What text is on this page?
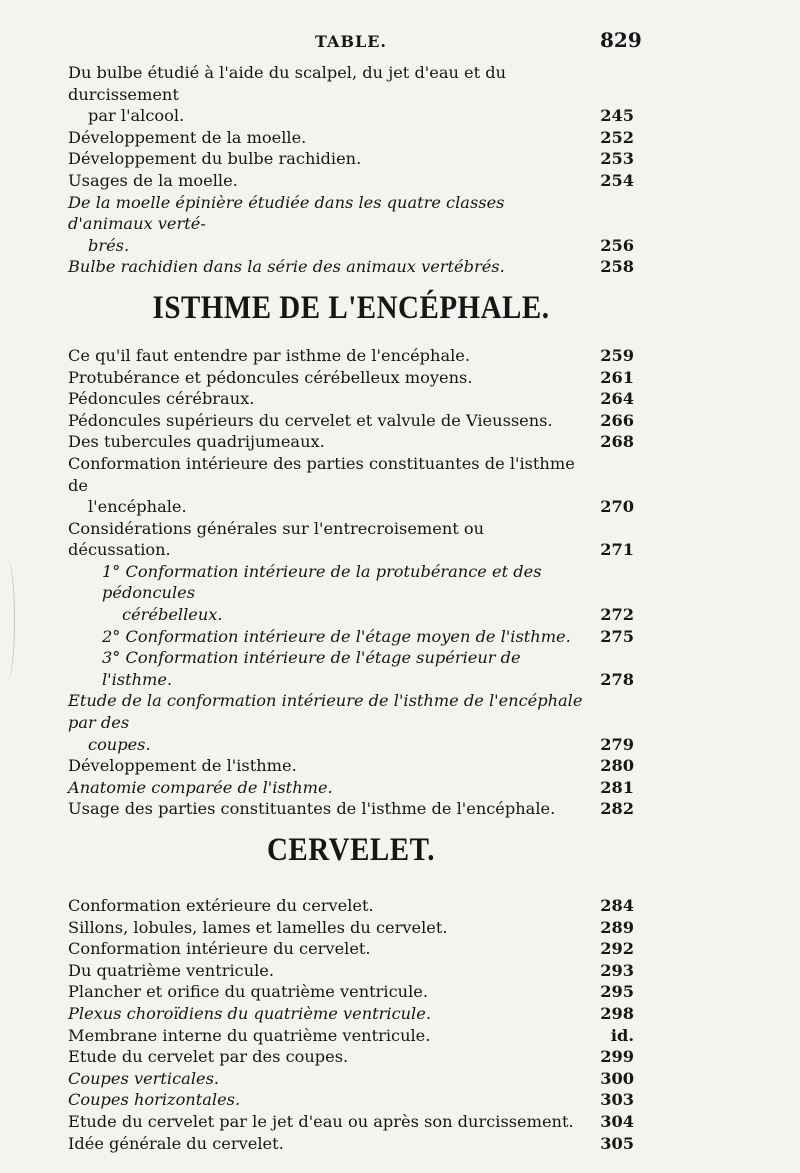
TABLE.	829
Du bulbe étudié à l'aide du scalpel, du jet d'eau et du durcissement
par l'alcool.	245
Développement de la moelle.	252
Développement du bulbe rachidien.	253
Usages de la moelle.	254
De la moelle épinière étudiée dans les quatre classes d'animaux verté-
brés.	256
Bulbe rachidien dans la série des animaux vertébrés.	258
ISTHME DE L'ENCÉPHALE.
Ce qu'il faut entendre par isthme de l'encéphale.	259
Protubérance et pédoncules cérébelleux moyens.	261
Pédoncules cérébraux.	264
Pédoncules supérieurs du cervelet et valvule de Vieussens.	266
Des tubercules quadrijumeaux.	268
Conformation intérieure des parties constituantes de l'isthme de
l'encéphale.	270
Considérations générales sur l'entrecroisement ou décussation.	271
1° Conformation intérieure de la protubérance et des pédoncules
cérébelleux.	272
2° Conformation intérieure de l'étage moyen de l'isthme.	275
3° Conformation intérieure de l'étage supérieur de l'isthme.	278
Etude de la conformation intérieure de l'isthme de l'encéphale par des
coupes.	279
Développement de l'isthme.	280
Anatomie comparée de l'isthme.	281
Usage des parties constituantes de l'isthme de l'encéphale.	282
CERVELET.
Conformation extérieure du cervelet.	284
Sillons, lobules, lames et lamelles du cervelet.	289
Conformation intérieure du cervelet.	292
Du quatrième ventricule.	293
Plancher et orifice du quatrième ventricule.	295
Plexus choroïdiens du quatrième ventricule.	298
Membrane interne du quatrième ventricule.	id.
Etude du cervelet par des coupes.	299
Coupes verticales.	300
Coupes horizontales.	303
Etude du cervelet par le jet d'eau ou après son durcissement.	304
Idée générale du cervelet.	305
